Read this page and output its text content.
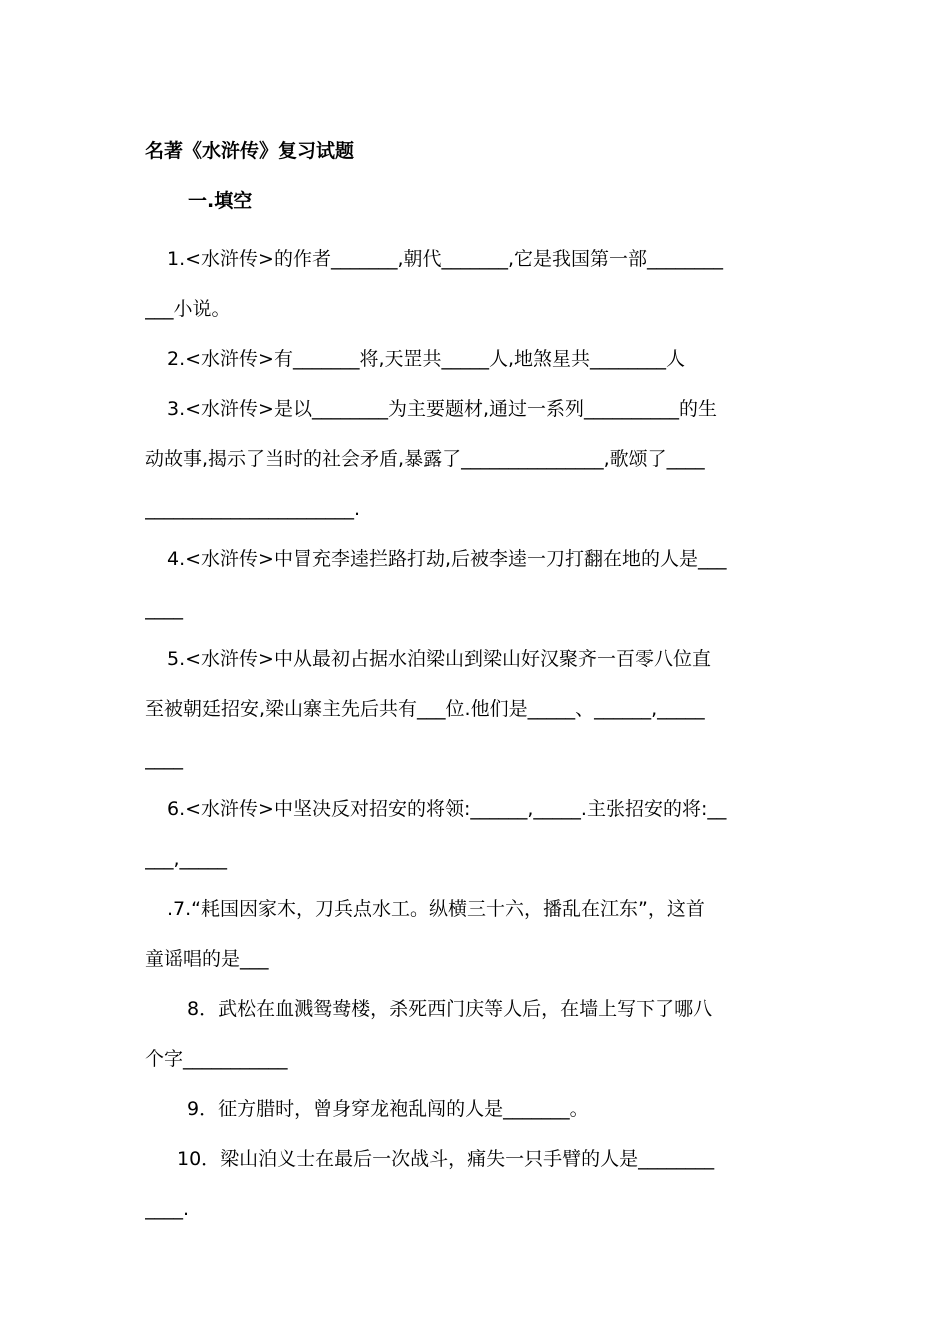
名著《水浒传》复习试题
一.填空
1.<水浒传>的作者_______,朝代_______,它是我国第一部________
___小说。
2.<水浒传>有_______将,天罡共_____人,地煞星共________人
3.<水浒传>是以________为主要题材,通过一系列__________的生
动故事,揭示了当时的社会矛盾,暴露了_______________,歌颂了____
______________________.
4.<水浒传>中冒充李逵拦路打劫,后被李逵一刀打翻在地的人是___
____
5.<水浒传>中从最初占据水泊梁山到梁山好汉聚齐一百零八位直
至被朝廷招安,梁山寨主先后共有___位.他们是_____、______,_____
____
6.<水浒传>中坚决反对招安的将领:______,_____.主张招安的将:__
___,_____
.7.“耗国因家木，刀兵点水工。纵横三十六，播乱在江东”，这首
童谣唱的是___
8．武松在血溅鸳鸯楼，杀死西门庆等人后，在墙上写下了哪八
个字___________
9．征方腊时，曾身穿龙袍乱闯的人是_______。
10．梁山泊义士在最后一次战斗，痛失一只手臂的人是________
____.
